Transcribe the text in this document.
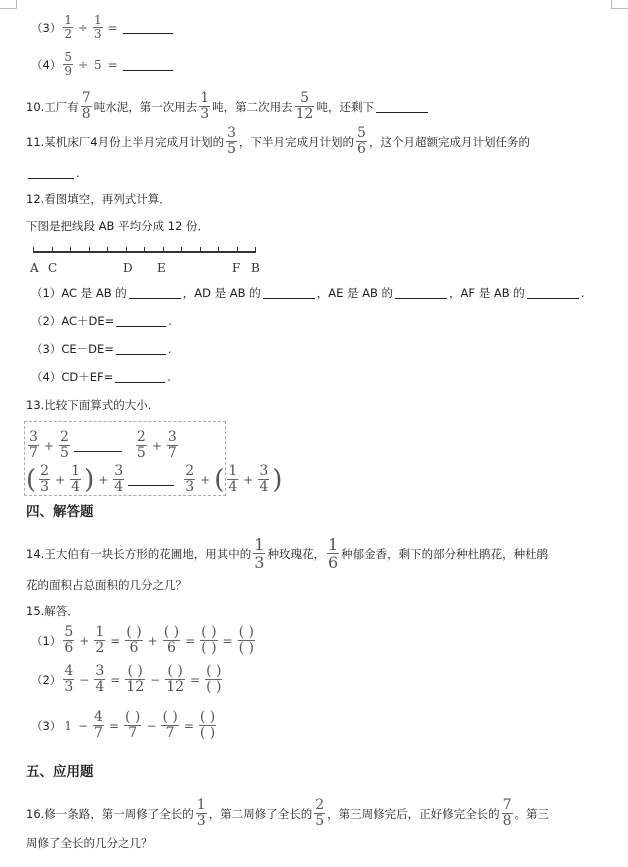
（3）
1
2 ÷
1
3 =
（4）
5
9 ÷ 5 =
10.工厂有
7
8 吨水泥，第一次用去
1
3 吨，第二次用去
5
12 吨，还剩下
11.某机床厂4月份上半月完成月计划的
3
5 ，下半月完成月计划的
5
6 ，这个月超额完成月计划任务的
.
12.看图填空，再列式计算．
下图是把线段 AB 平均分成 12 份．
A C	D E	F B
（1） AC 是 AB 的	，AD 是 AB 的	，AE 是 AB 的	，AF 是 AB 的	.
（2） AC＋DE=	.
（3） CE－DE=	.
（4） CD＋EF=	.
13.比较下面算式的大小.
3
7 +
2
5
2
5 +
3
7
( 2
3 +
1
4 ) +
3
4
2
3 + ( 1
4 +
3
4 )
四、解答题
14.王大伯有一块长方形的花圃地，用其中的 1
3 种玫瑰花， 1
6 种郁金香，剩下的部分种杜鹃花，种杜鹃
花的面积占总面积的几分之几？
15.解答．
（1）
5
6 +
1
2 =
( )
6 +
( )
6 =
( )
( ) =
( )
( )
（2）
4
3 −
3
4 =
( )
12 −
( )
12 =
( )
( )
（3） 1 −
4
7 =
( )
7 −
( )
7 =
( )
( )
五、应用题
16.修一条路，第一周修了全长的
1
3 ，第二周修了全长的
2
5 ，第三周修完后，正好修完全长的
7
8 。第三
周修了全长的几分之几？
